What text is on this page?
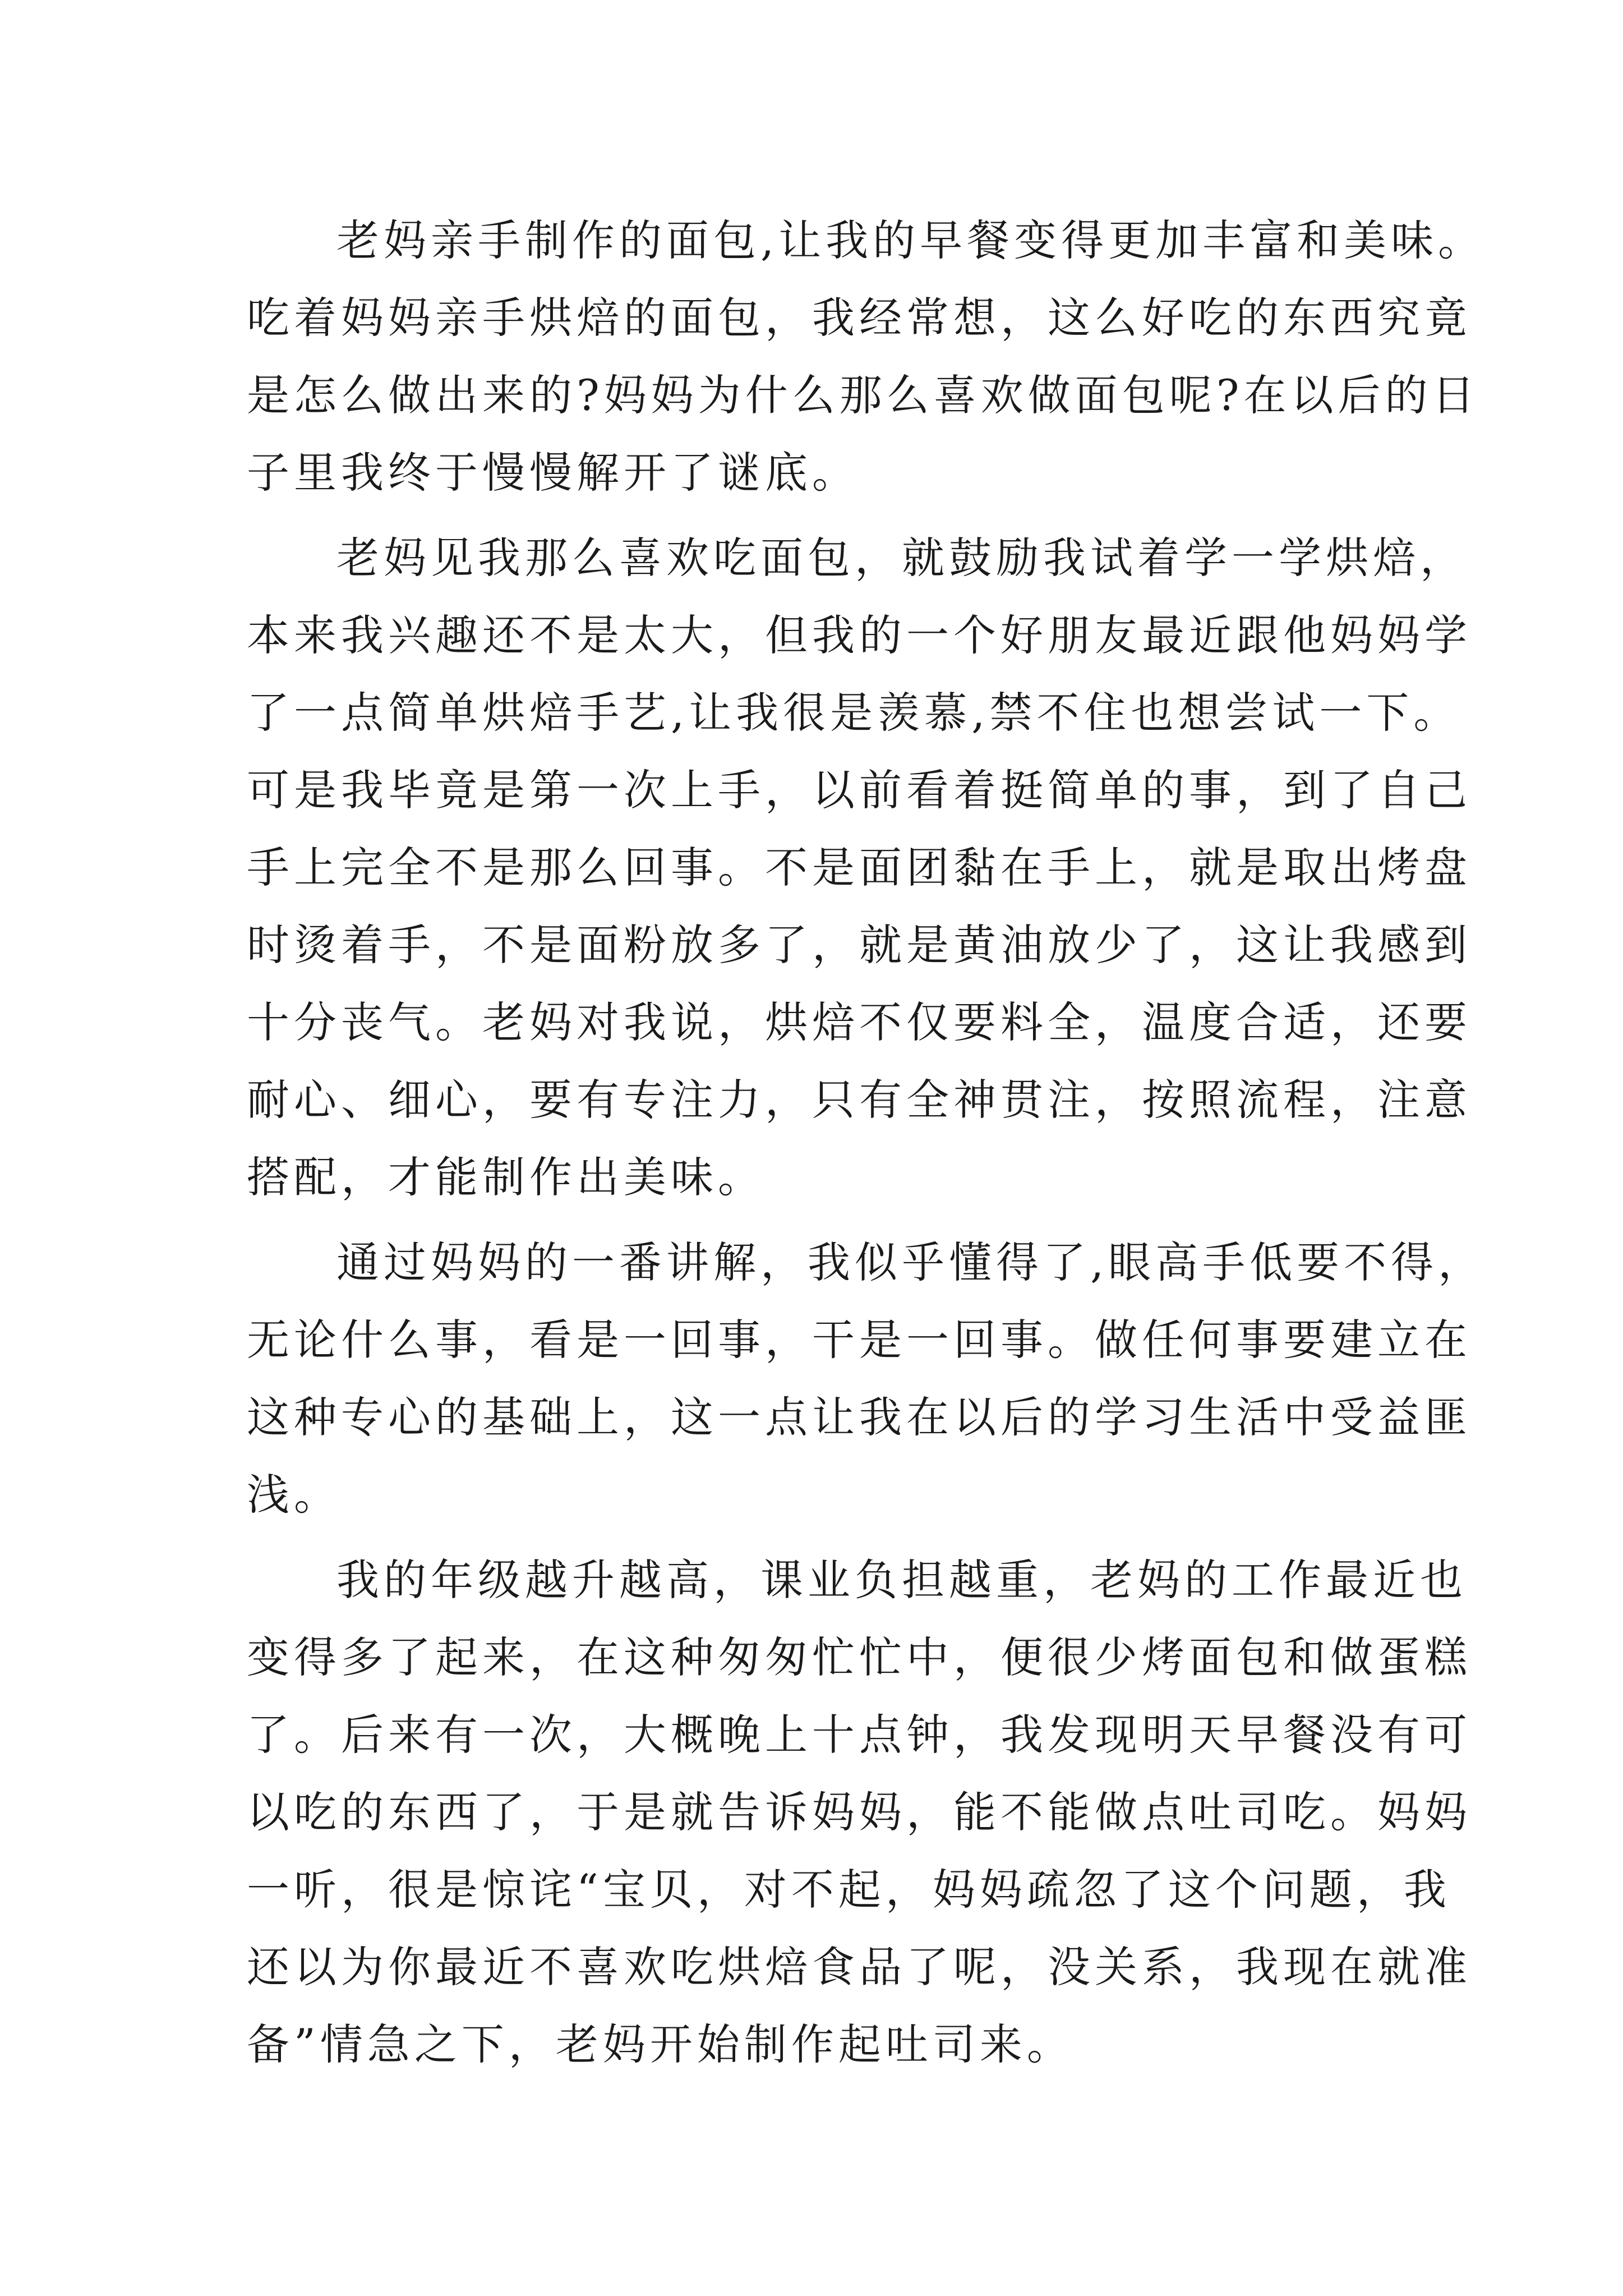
老妈亲手制作的面包,让我的早餐变得更加丰富和美味。
吃着妈妈亲手烘焙的面包，我经常想，这么好吃的东西究竟
是怎么做出来的?妈妈为什么那么喜欢做面包呢?在以后的日
子里我终于慢慢解开了谜底。
老妈见我那么喜欢吃面包，就鼓励我试着学一学烘焙，
本来我兴趣还不是太大，但我的一个好朋友最近跟他妈妈学
了一点简单烘焙手艺,让我很是羡慕,禁不住也想尝试一下。
可是我毕竟是第一次上手，以前看着挺简单的事，到了自己
手上完全不是那么回事。不是面团黏在手上，就是取出烤盘
时烫着手，不是面粉放多了，就是黄油放少了，这让我感到
十分丧气。老妈对我说，烘焙不仅要料全，温度合适，还要
耐心、细心，要有专注力，只有全神贯注，按照流程，注意
搭配，才能制作出美味。
通过妈妈的一番讲解，我似乎懂得了,眼高手低要不得，
无论什么事，看是一回事，干是一回事。做任何事要建立在
这种专心的基础上，这一点让我在以后的学习生活中受益匪
浅。
我的年级越升越高，课业负担越重，老妈的工作最近也
变得多了起来，在这种匆匆忙忙中，便很少烤面包和做蛋糕
了。后来有一次，大概晚上十点钟，我发现明天早餐没有可
以吃的东西了，于是就告诉妈妈，能不能做点吐司吃。妈妈
一听，很是惊诧“宝贝，对不起，妈妈疏忽了这个问题，我
还以为你最近不喜欢吃烘焙食品了呢，没关系，我现在就准
备”情急之下，老妈开始制作起吐司来。
